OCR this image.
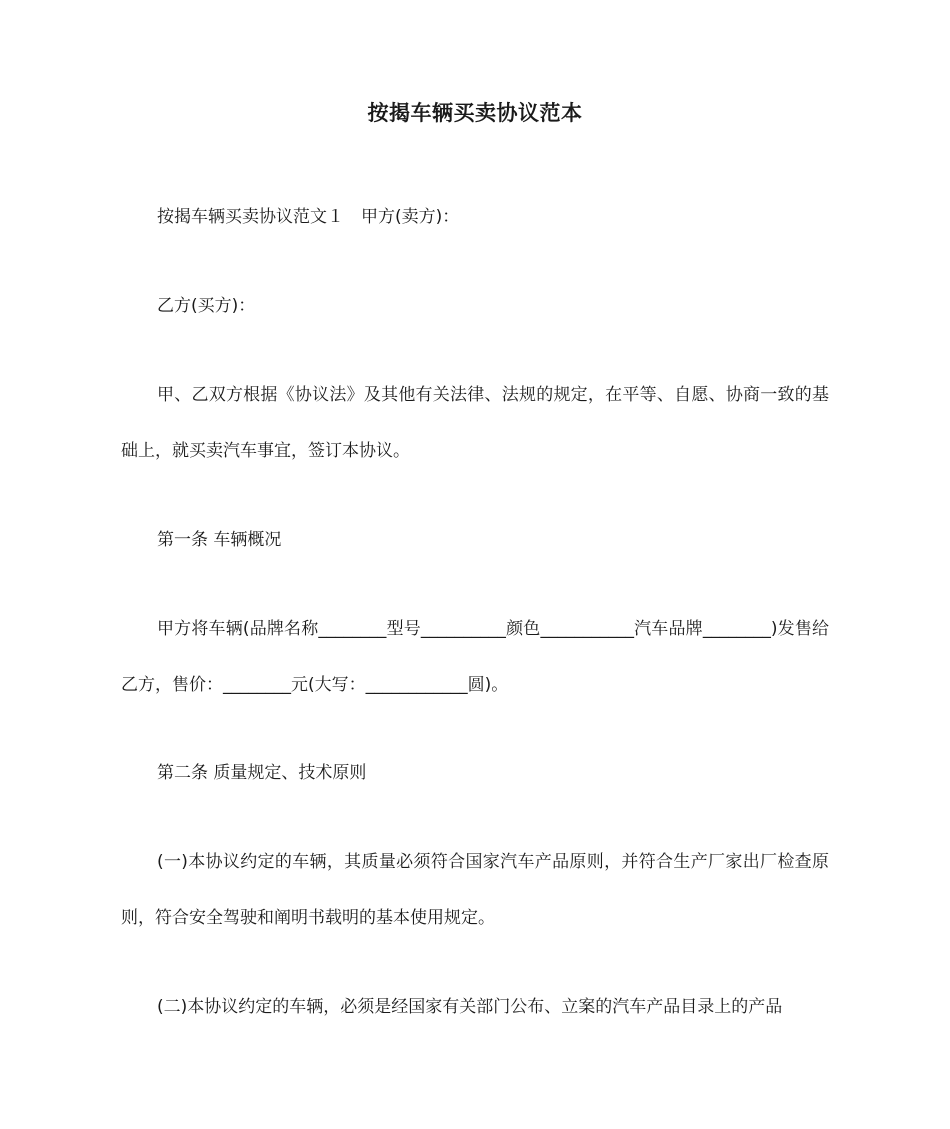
按揭车辆买卖协议范本

按揭车辆买卖协议范文１　甲方(卖方)：

乙方(买方)：

甲、乙双方根据《协议法》及其他有关法律、法规的规定，在平等、自愿、协商一致的基础上，就买卖汽车事宜，签订本协议。

第一条 车辆概况

甲方将车辆(品牌名称________型号__________颜色___________汽车品牌________)发售给乙方，售价：________元(大写：____________圆)。

第二条 质量规定、技术原则

(一)本协议约定的车辆，其质量必须符合国家汽车产品原则，并符合生产厂家出厂检查原则，符合安全驾驶和阐明书载明的基本使用规定。

(二)本协议约定的车辆，必须是经国家有关部门公布、立案的汽车产品目录上的产品
